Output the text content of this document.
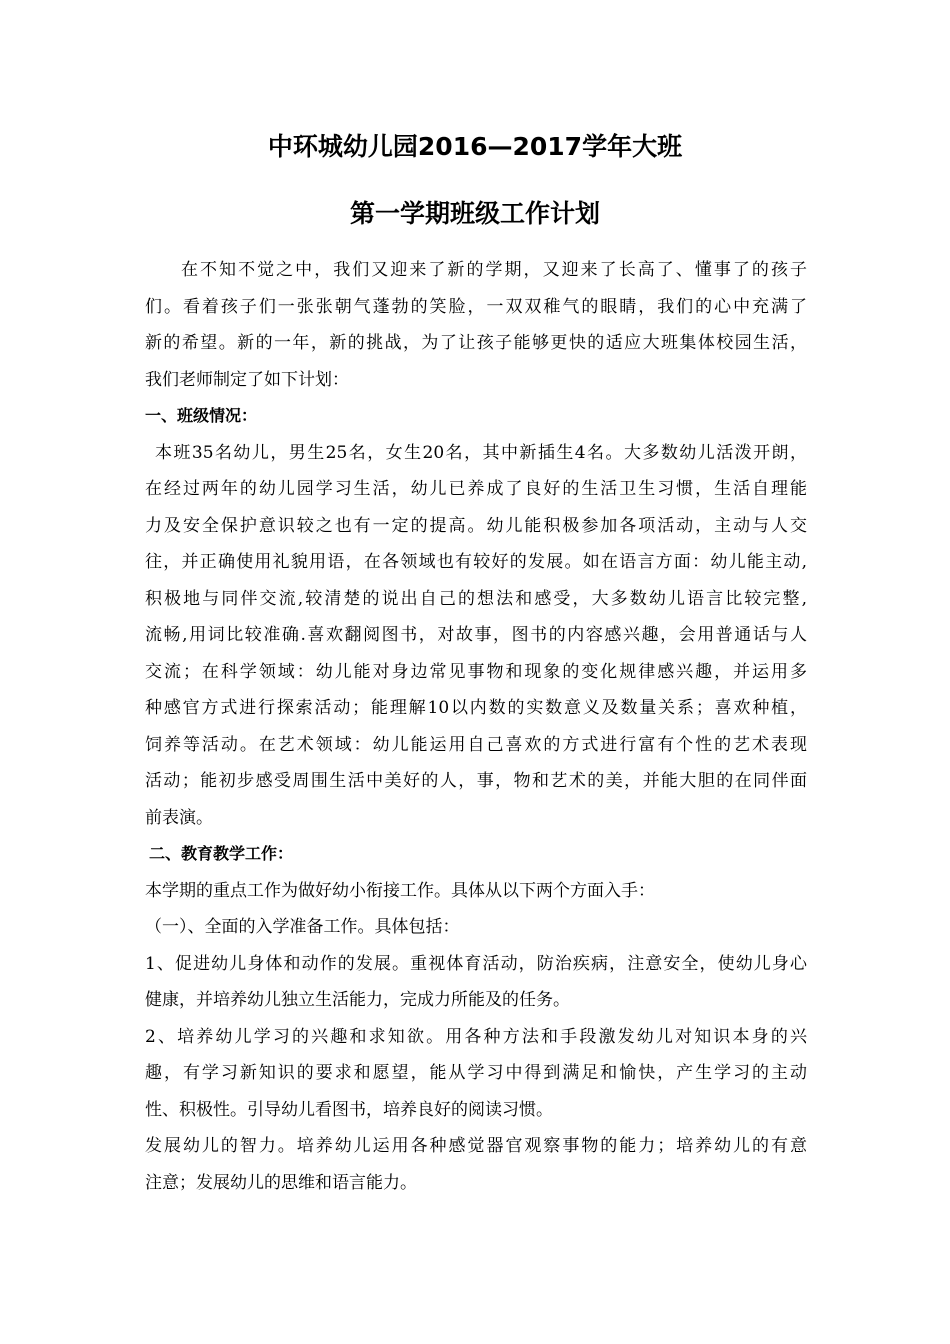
中环城幼儿园2016—2017学年大班
第一学期班级工作计划
在不知不觉之中，我们又迎来了新的学期，又迎来了长高了、懂事了的孩子
们。看着孩子们一张张朝气蓬勃的笑脸，一双双稚气的眼睛，我们的心中充满了
新的希望。新的一年，新的挑战，为了让孩子能够更快的适应大班集体校园生活，
我们老师制定了如下计划：
一、班级情况：
本班35名幼儿，男生25名，女生20名，其中新插生4名。大多数幼儿活泼开朗，
在经过两年的幼儿园学习生活，幼儿已养成了良好的生活卫生习惯，生活自理能
力及安全保护意识较之也有一定的提高。幼儿能积极参加各项活动，主动与人交
往，并正确使用礼貌用语，在各领域也有较好的发展。如在语言方面：幼儿能主动,
积极地与同伴交流,较清楚的说出自己的想法和感受，大多数幼儿语言比较完整,
流畅,用词比较准确.喜欢翻阅图书，对故事，图书的内容感兴趣，会用普通话与人
交流；在科学领域：幼儿能对身边常见事物和现象的变化规律感兴趣，并运用多
种感官方式进行探索活动；能理解10以内数的实数意义及数量关系；喜欢种植，
饲养等活动。在艺术领域：幼儿能运用自己喜欢的方式进行富有个性的艺术表现
活动；能初步感受周围生活中美好的人，事，物和艺术的美，并能大胆的在同伴面
前表演。
二、教育教学工作：
本学期的重点工作为做好幼小衔接工作。具体从以下两个方面入手：
（一）、全面的入学准备工作。具体包括：
1、促进幼儿身体和动作的发展。重视体育活动，防治疾病，注意安全，使幼儿身心
健康，并培养幼儿独立生活能力，完成力所能及的任务。
2、培养幼儿学习的兴趣和求知欲。用各种方法和手段激发幼儿对知识本身的兴
趣，有学习新知识的要求和愿望，能从学习中得到满足和愉快，产生学习的主动
性、积极性。引导幼儿看图书，培养良好的阅读习惯。
发展幼儿的智力。培养幼儿运用各种感觉器官观察事物的能力；培养幼儿的有意
注意；发展幼儿的思维和语言能力。
